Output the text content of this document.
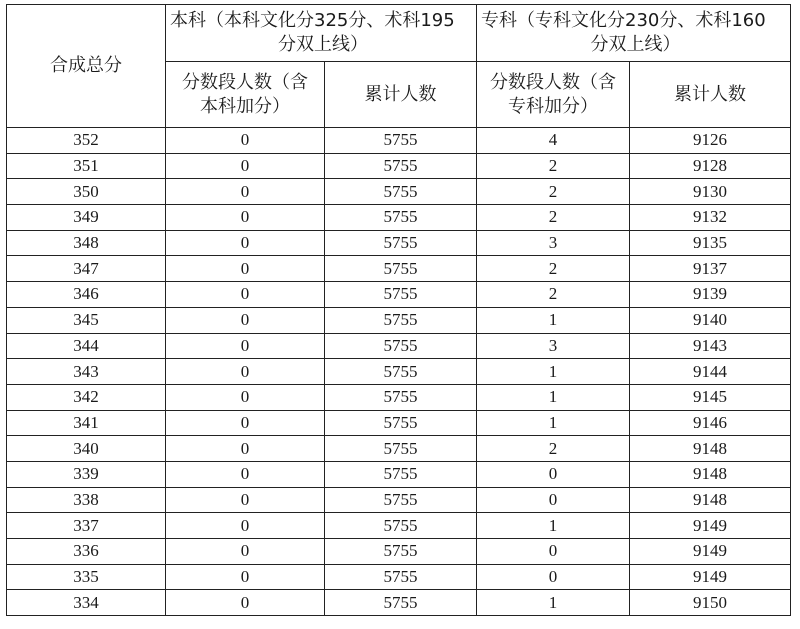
合成总分	本科（本科文化分325分、术科195
分双上线）		专科（专科文化分230分、术科160
分双上线）	

	分数段人数（含
本科加分）	累计人数	分数段人数（含
专科加分）	累计人数
352	0	5755	4	9126
351	0	5755	2	9128
350	0	5755	2	9130
349	0	5755	2	9132
348	0	5755	3	9135
347	0	5755	2	9137
346	0	5755	2	9139
345	0	5755	1	9140
344	0	5755	3	9143
343	0	5755	1	9144
342	0	5755	1	9145
341	0	5755	1	9146
340	0	5755	2	9148
339	0	5755	0	9148
338	0	5755	0	9148
337	0	5755	1	9149
336	0	5755	0	9149
335	0	5755	0	9149
334	0	5755	1	9150
